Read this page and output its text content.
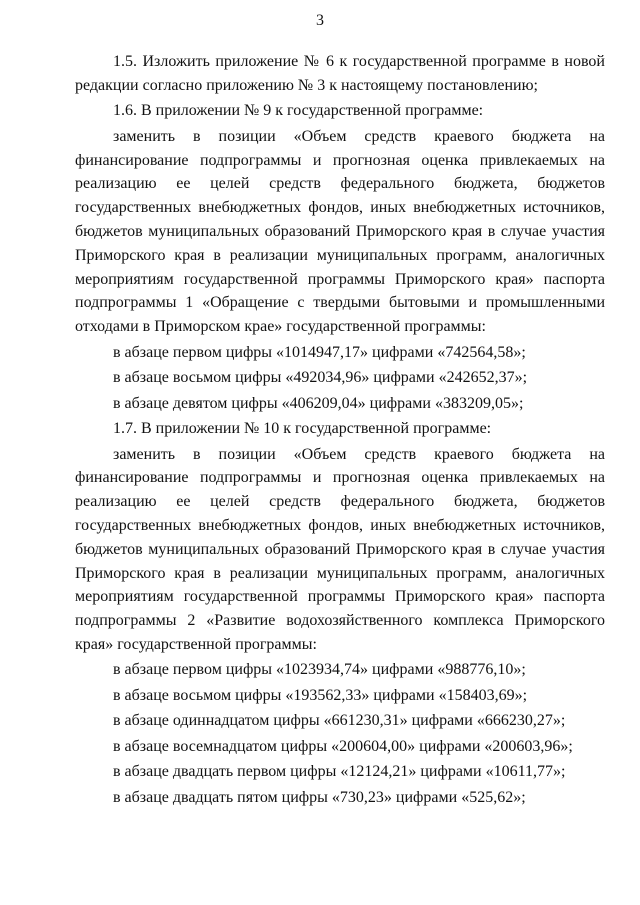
3

1.5. Изложить приложение № 6 к государственной программе в новой редакции согласно приложению № 3 к настоящему постановлению;

1.6. В приложении № 9 к государственной программе:

заменить в позиции «Объем средств краевого бюджета на финансирование подпрограммы и прогнозная оценка привлекаемых на реализацию ее целей средств федерального бюджета, бюджетов государственных внебюджетных фондов, иных внебюджетных источников, бюджетов муниципальных образований Приморского края в случае участия Приморского края в реализации муниципальных программ, аналогичных мероприятиям государственной программы Приморского края» паспорта подпрограммы 1 «Обращение с твердыми бытовыми и промышленными отходами в Приморском крае» государственной программы:

в абзаце первом цифры «1014947,17» цифрами «742564,58»;

в абзаце восьмом цифры «492034,96» цифрами «242652,37»;

в абзаце девятом цифры «406209,04» цифрами «383209,05»;

1.7. В приложении № 10 к государственной программе:

заменить в позиции «Объем средств краевого бюджета на финансирование подпрограммы и прогнозная оценка привлекаемых на реализацию ее целей средств федерального бюджета, бюджетов государственных внебюджетных фондов, иных внебюджетных источников, бюджетов муниципальных образований Приморского края в случае участия Приморского края в реализации муниципальных программ, аналогичных мероприятиям государственной программы Приморского края» паспорта подпрограммы 2 «Развитие водохозяйственного комплекса Приморского края» государственной программы:

в абзаце первом цифры «1023934,74» цифрами «988776,10»;

в абзаце восьмом цифры «193562,33» цифрами «158403,69»;

в абзаце одиннадцатом цифры «661230,31» цифрами «666230,27»;

в абзаце восемнадцатом цифры «200604,00» цифрами «200603,96»;

в абзаце двадцать первом цифры «12124,21» цифрами «10611,77»;

в абзаце двадцать пятом цифры «730,23» цифрами «525,62»;
